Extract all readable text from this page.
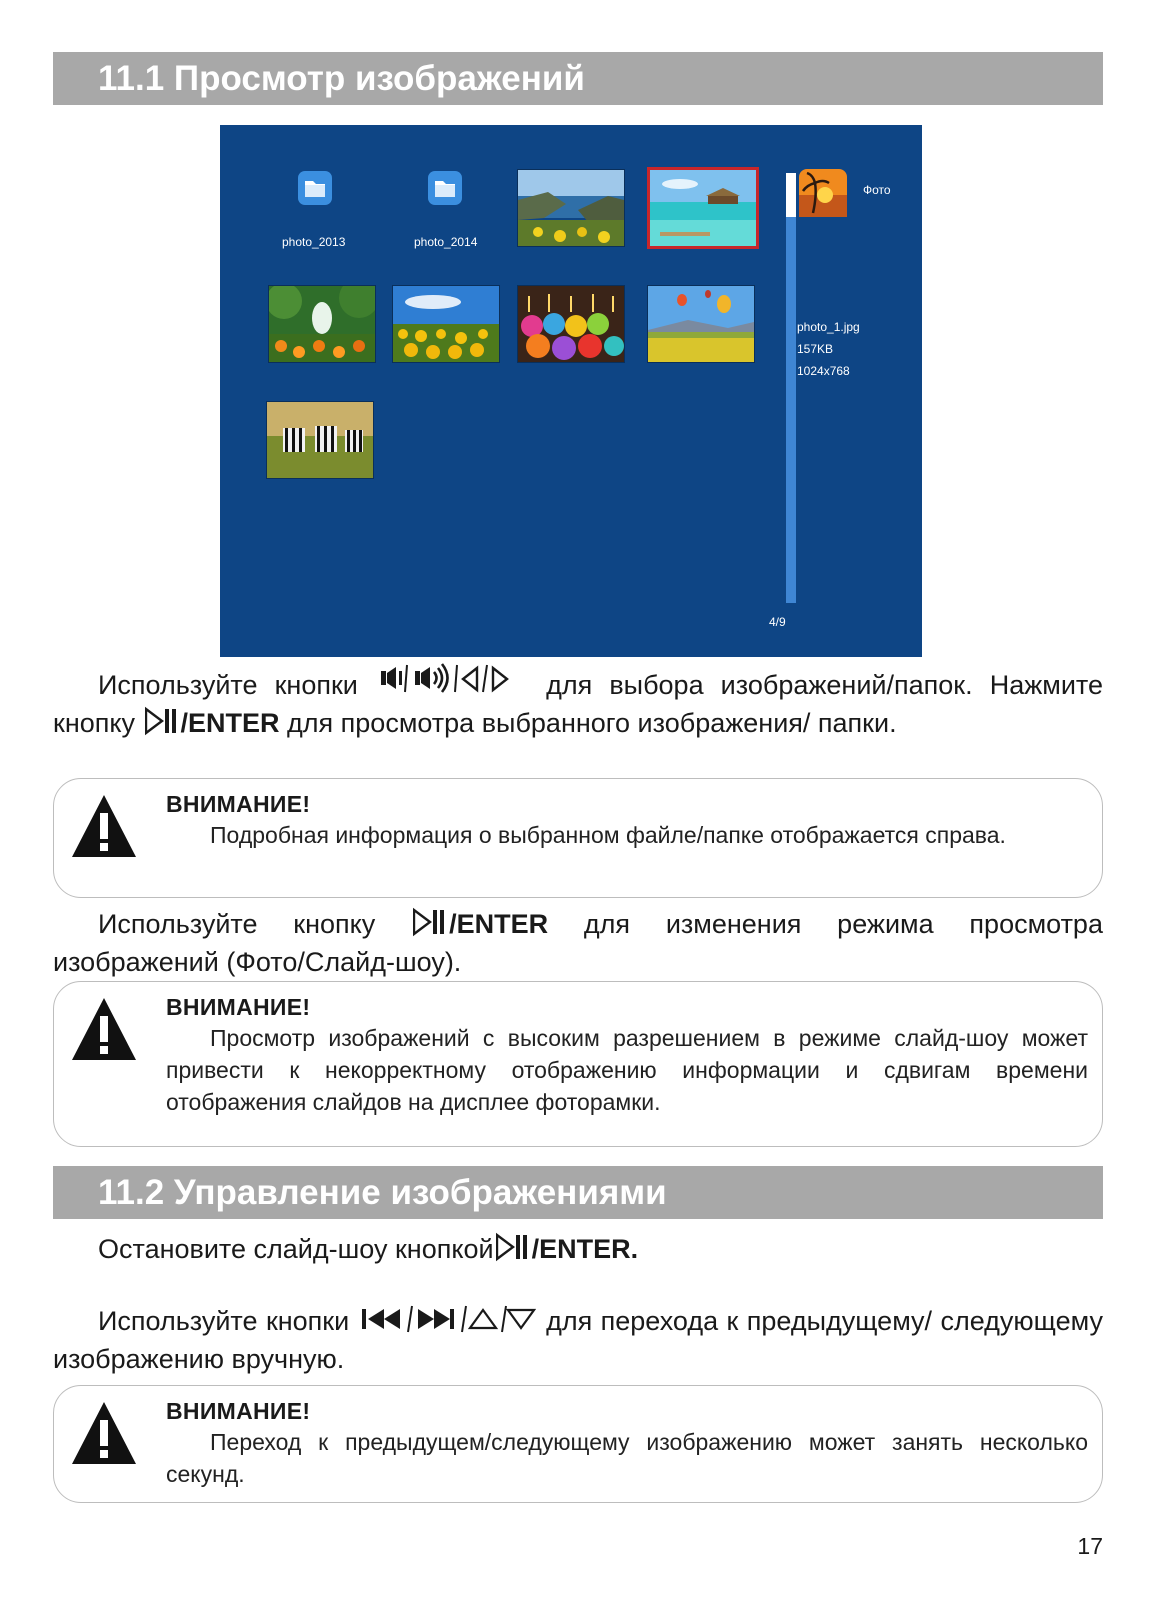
11.1 Просмотр изображений
photo_2013	photo_2014
Фото
photo_1.jpg
157KB
1024x768
4/9
Используйте кнопки	для выбора изображений/папок. Нажмите кнопку /ENTER для просмотра выбранного изображения/ папки.
ВНИМАНИЕ!
Подробная информация о выбранном файле/папке отображается справа.
Используйте кнопку	/ENTER для изменения режима просмотра изображений (Фото/Слайд-шоу).
ВНИМАНИЕ!
Просмотр изображений с высоким разрешением в режиме слайд-шоу может привести к некорректному отображению информации и сдвигам времени отображения слайдов на дисплее фоторамки.
11.2 Управление изображениями
Остановите слайд-шоу кнопкой /ENTER.
Используйте кнопки	для перехода к предыдущему/ следующему изображению вручную.
ВНИМАНИЕ!
Переход к предыдущем/следующему изображению может занять несколько секунд.
17
